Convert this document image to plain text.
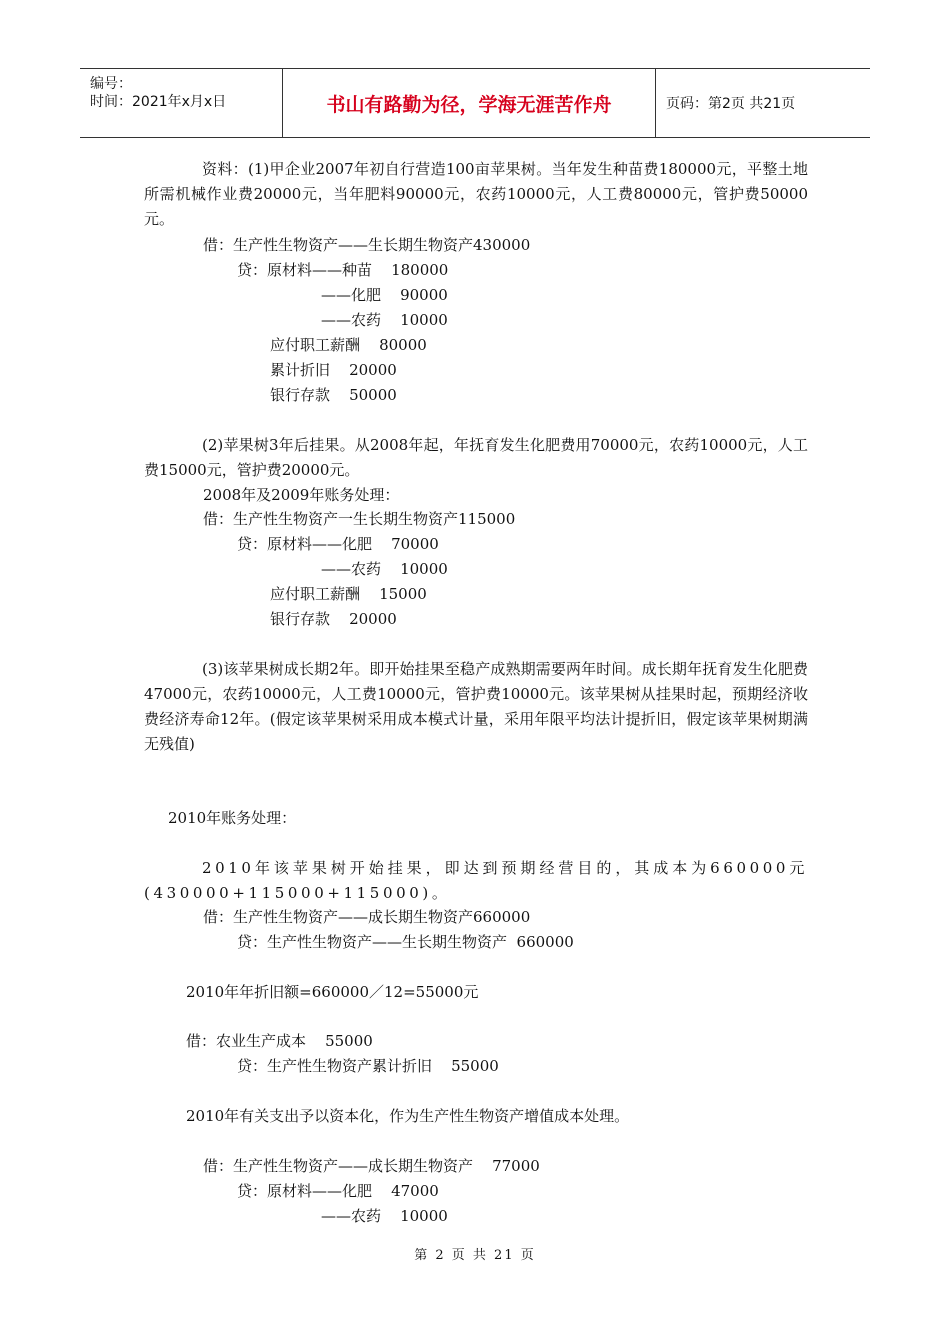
编号：
时间：2021年x月x日	书山有路勤为径，学海无涯苦作舟	页码：第2页 共21页

资料：(1)甲企业2007年初自行营造100亩苹果树。当年发生种苗费180000元，平整土地所需机械作业费20000元，当年肥料90000元，农药10000元，人工费80000元，管护费50000元。

借：生产性生物资产——生长期生物资产430000
贷：原材料——种苗    180000
——化肥    90000
——农药    10000
应付职工薪酬    80000
累计折旧    20000
银行存款    50000

(2)苹果树3年后挂果。从2008年起，年抚育发生化肥费用70000元，农药10000元，人工费15000元，管护费20000元。

2008年及2009年账务处理：
借：生产性生物资产一生长期生物资产115000
贷：原材料——化肥    70000
——农药    10000
应付职工薪酬    15000
银行存款    20000

(3)该苹果树成长期2年。即开始挂果至稳产成熟期需要两年时间。成长期年抚育发生化肥费47000元，农药10000元，人工费10000元，管护费10000元。该苹果树从挂果时起，预期经济收费经济寿命12年。(假定该苹果树采用成本模式计量，采用年限平均法计提折旧，假定该苹果树期满无残值)

2010年账务处理：

2010年该苹果树开始挂果，即达到预期经营目的，其成本为660000元(430000+115000+115000)。

借：生产性生物资产——成长期生物资产660000
贷：生产性生物资产——生长期生物资产  660000
2010年年折旧额=660000／12=55000元
借：农业生产成本    55000
贷：生产性生物资产累计折旧    55000
2010年有关支出予以资本化，作为生产性生物资产增值成本处理。
借：生产性生物资产——成长期生物资产    77000
贷：原材料——化肥    47000
——农药    10000
第 2 页 共 21 页
